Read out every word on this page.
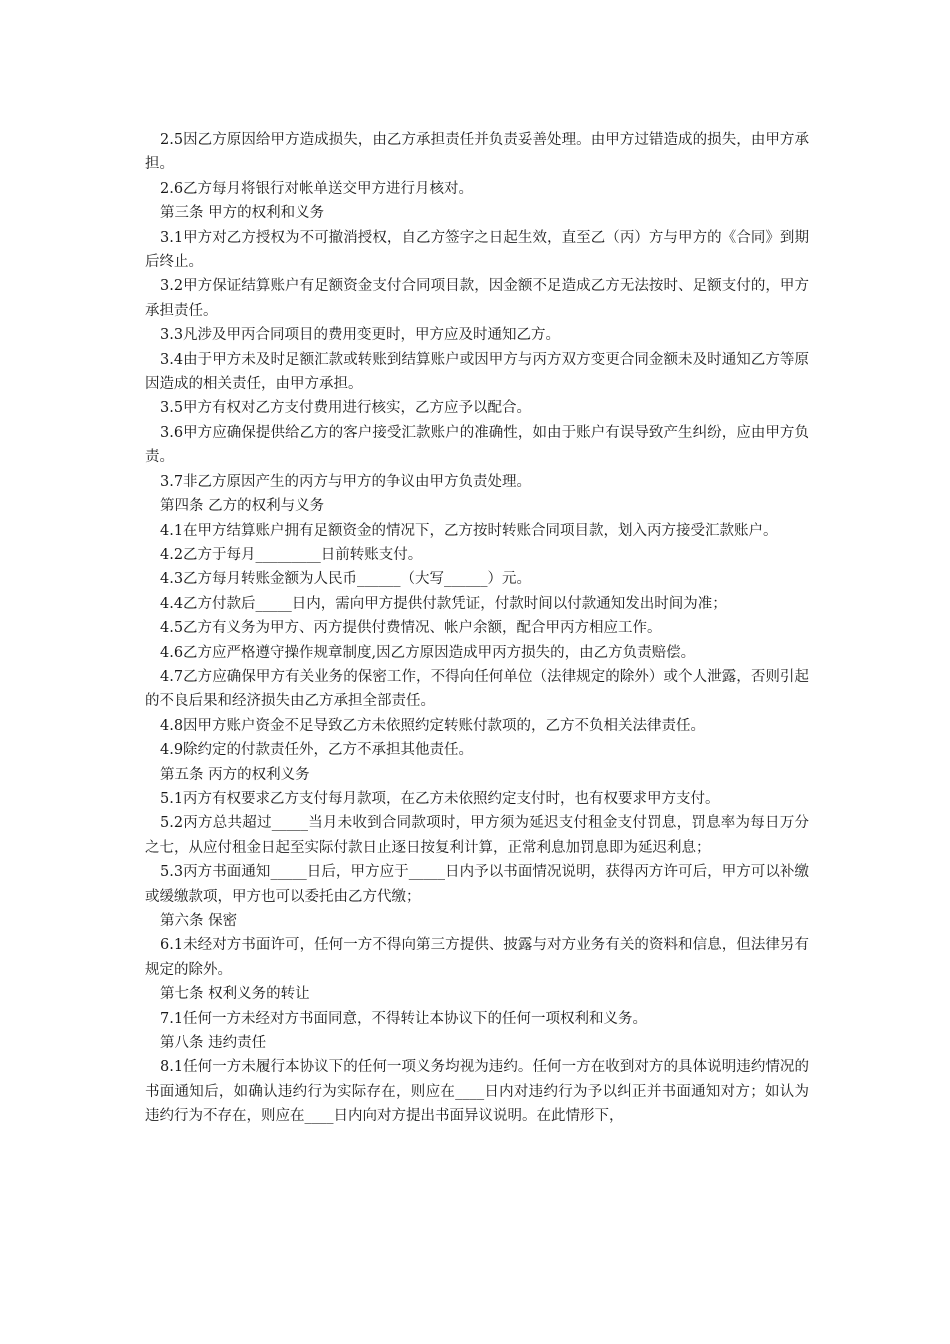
2.5因乙方原因给甲方造成损失，由乙方承担责任并负责妥善处理。由甲方过错造成的损失，由甲方承担。

2.6乙方每月将银行对帐单送交甲方进行月核对。

第三条 甲方的权利和义务

3.1甲方对乙方授权为不可撤消授权，自乙方签字之日起生效，直至乙（丙）方与甲方的《合同》到期后终止。

3.2甲方保证结算账户有足额资金支付合同项目款，因金额不足造成乙方无法按时、足额支付的，甲方承担责任。

3.3凡涉及甲丙合同项目的费用变更时，甲方应及时通知乙方。

3.4由于甲方未及时足额汇款或转账到结算账户或因甲方与丙方双方变更合同金额未及时通知乙方等原因造成的相关责任，由甲方承担。

3.5甲方有权对乙方支付费用进行核实，乙方应予以配合。

3.6甲方应确保提供给乙方的客户接受汇款账户的准确性，如由于账户有误导致产生纠纷，应由甲方负责。

3.7非乙方原因产生的丙方与甲方的争议由甲方负责处理。

第四条 乙方的权利与义务

4.1在甲方结算账户拥有足额资金的情况下，乙方按时转账合同项目款，划入丙方接受汇款账户。

4.2乙方于每月_________日前转账支付。

4.3乙方每月转账金额为人民币______（大写______）元。

4.4乙方付款后_____日内，需向甲方提供付款凭证，付款时间以付款通知发出时间为准；

4.5乙方有义务为甲方、丙方提供付费情况、帐户余额，配合甲丙方相应工作。

4.6乙方应严格遵守操作规章制度,因乙方原因造成甲丙方损失的，由乙方负责赔偿。

4.7乙方应确保甲方有关业务的保密工作，不得向任何单位（法律规定的除外）或个人泄露，否则引起的不良后果和经济损失由乙方承担全部责任。

4.8因甲方账户资金不足导致乙方未依照约定转账付款项的，乙方不负相关法律责任。

4.9除约定的付款责任外，乙方不承担其他责任。

第五条 丙方的权利义务

5.1丙方有权要求乙方支付每月款项，在乙方未依照约定支付时，也有权要求甲方支付。

5.2丙方总共超过_____当月未收到合同款项时，甲方须为延迟支付租金支付罚息，罚息率为每日万分之七，从应付租金日起至实际付款日止逐日按复利计算，正常利息加罚息即为延迟利息；

5.3丙方书面通知_____日后，甲方应于_____日内予以书面情况说明，获得丙方许可后，甲方可以补缴或缓缴款项，甲方也可以委托由乙方代缴；

第六条 保密

6.1未经对方书面许可，任何一方不得向第三方提供、披露与对方业务有关的资料和信息，但法律另有规定的除外。

第七条 权利义务的转让

7.1任何一方未经对方书面同意，不得转让本协议下的任何一项权利和义务。

第八条 违约责任

8.1任何一方未履行本协议下的任何一项义务均视为违约。任何一方在收到对方的具体说明违约情况的书面通知后，如确认违约行为实际存在，则应在____日内对违约行为予以纠正并书面通知对方；如认为违约行为不存在，则应在____日内向对方提出书面异议说明。在此情形下，
